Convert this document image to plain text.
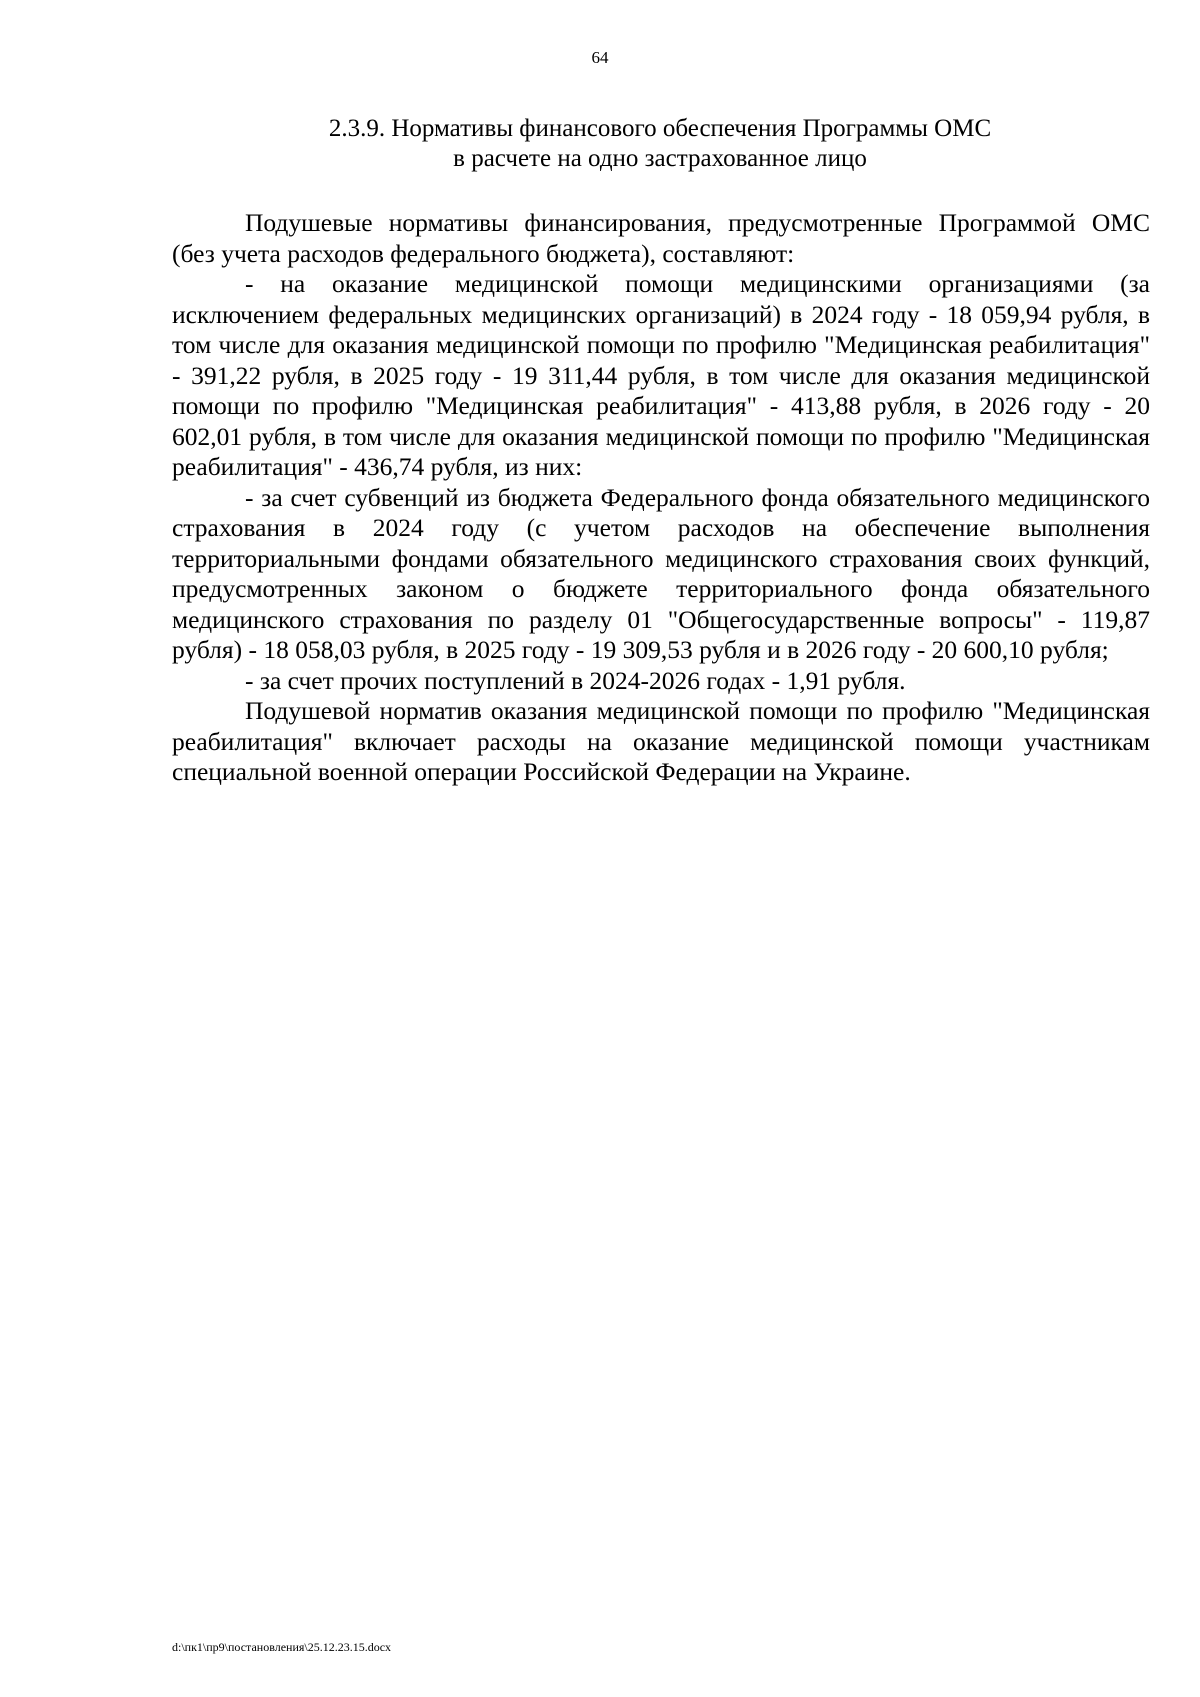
64
2.3.9. Нормативы финансового обеспечения Программы ОМС
в расчете на одно застрахованное лицо

Подушевые нормативы финансирования, предусмотренные Программой ОМС (без учета расходов федерального бюджета), составляют:

- на оказание медицинской помощи медицинскими организациями (за исключением федеральных медицинских организаций) в 2024 году - 18 059,94 рубля, в том числе для оказания медицинской помощи по профилю "Медицинская реабилитация" - 391,22 рубля, в 2025 году - 19 311,44 рубля, в том числе для оказания медицинской помощи по профилю "Медицинская реабилитация" - 413,88 рубля, в 2026 году - 20 602,01 рубля, в том числе для оказания медицинской помощи по профилю "Медицинская реабилитация" - 436,74 рубля, из них:

- за счет субвенций из бюджета Федерального фонда обязательного медицинского страхования в 2024 году (с учетом расходов на обеспечение выполнения территориальными фондами обязательного медицинского страхования своих функций, предусмотренных законом о бюджете территориального фонда обязательного медицинского страхования по разделу 01 "Общегосударственные вопросы" - 119,87 рубля) - 18 058,03 рубля, в 2025 году - 19 309,53 рубля и в 2026 году - 20 600,10 рубля;

- за счет прочих поступлений в 2024-2026 годах - 1,91 рубля.

Подушевой норматив оказания медицинской помощи по профилю "Медицинская реабилитация" включает расходы на оказание медицинской помощи участникам специальной военной операции Российской Федерации на Украине.

d:\пк1\пр9\постановления\25.12.23.15.docx
